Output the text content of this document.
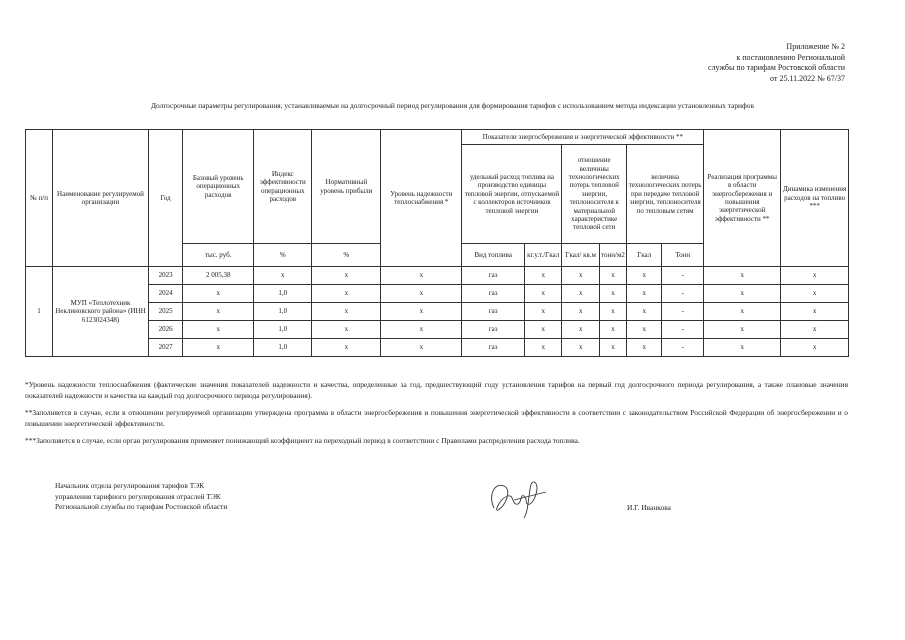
Приложение № 2
к постановлению Региональной
службы по тарифам Ростовской области
от 25.11.2022 № 67/37
Долгосрочные параметры регулирования, устанавливаемые на долгосрочный период регулирования для формирования тарифов с использованием метода индексации установленных тарифов
№ п/п	Наименование регулируемой организации	Год	Базовый уровень операционных расходов	Индекс эффективности операционных расходов	Нормативный уровень прибыли	Уровень надежности теплоснабжения *	Показатели энергосбережения и энергетической эффективности **						Реализация программы в области энергосбережения и повышения энергетической эффективности **	Динамика изменения расходов на топливо ***
							удельный расход топлива на производство единицы тепловой энергии, отпускаемой с коллекторов источников тепловой энергии		отношение величины технологических потерь тепловой энергии, теплоносителя к материальной характеристике тепловой сети		величина технологических потерь при передаче тепловой энергии, теплоносителя по тепловым сетям			
			тыс. руб.	%	%		Вид топлива	кг.у.т./Гкал	Гкал/ кв.м	тонн/м2	Гкал	Тонн		
1	МУП «Теплотехник Неклиновского района» (ИНН 6123024348)	2023	2 005,38	х	х	х	газ	х	х	х	х	-	х	х
		2024	х	1,0	х	х	газ	х	х	х	х	-	х	х
		2025	х	1,0	х	х	газ	х	х	х	х	-	х	х
		2026	х	1,0	х	х	газ	х	х	х	х	-	х	х
		2027	х	1,0	х	х	газ	х	х	х	х	-	х	х
*Уровень надежности теплоснабжения (фактические значения показателей надежности и качества, определенные за год, предшествующий году установления тарифов на первый год долгосрочного периода регулирования, а также плановые значения показателей надежности и качества на каждый год долгосрочного периода регулирования).
**Заполняется в случае, если в отношении регулируемой организации утверждена программа в области энергосбережения и повышения энергетической эффективности в соответствии с законодательством Российской Федерации об энергосбережении и о повышении энергетической эффективности.
***Заполняется в случае, если орган регулирования применяет понижающий коэффициент на переходный период в соответствии с Правилами распределения расхода топлива.
Начальник отдела регулирования тарифов ТЭК
управления тарифного регулирования отраслей ТЭК
Региональной службы по тарифам Ростовской области	И.Г. Иванкова
